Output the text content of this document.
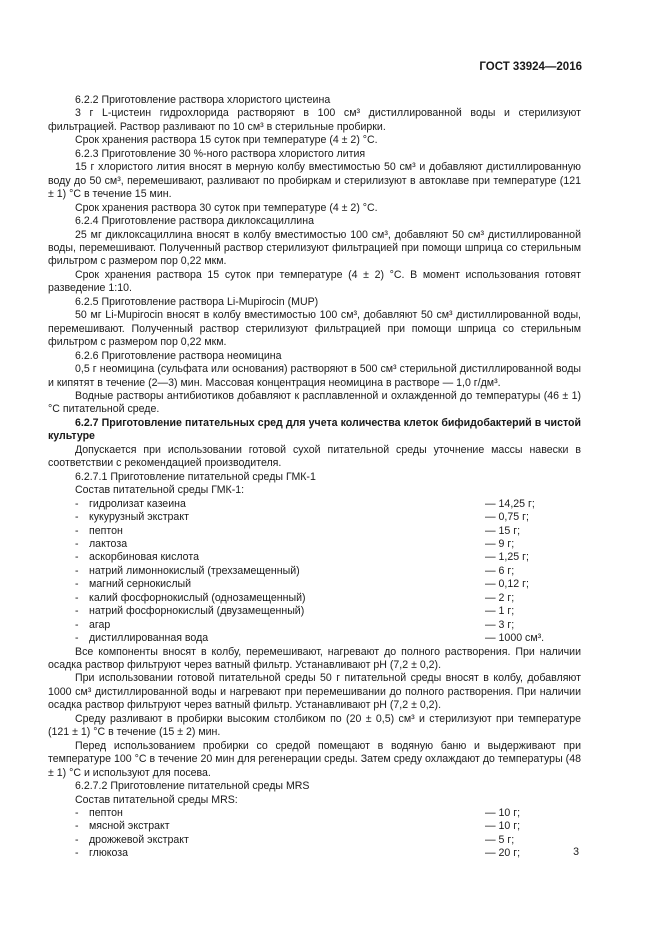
ГОСТ 33924—2016

6.2.2 Приготовление раствора хлористого цистеина

3 г L-цистеин гидрохлорида растворяют в 100 см³ дистиллированной воды и стерилизуют фильтрацией. Раствор разливают по 10 см³ в стерильные пробирки.

Срок хранения раствора 15 суток при температуре (4 ± 2) °С.

6.2.3 Приготовление 30 %-ного раствора хлористого лития

15 г хлористого лития вносят в мерную колбу вместимостью 50 см³ и добавляют дистиллированную воду до 50 см³, перемешивают, разливают по пробиркам и стерилизуют в автоклаве при температуре (121 ± 1) °С в течение 15 мин.

Срок хранения раствора 30 суток при температуре (4 ± 2) °С.

6.2.4 Приготовление раствора диклоксациллина

25 мг диклоксациллина вносят в колбу вместимостью 100 см³, добавляют 50 см³ дистиллированной воды, перемешивают. Полученный раствор стерилизуют фильтрацией при помощи шприца со стерильным фильтром с размером пор 0,22 мкм.

Срок хранения раствора 15 суток при температуре (4 ± 2) °С. В момент использования готовят разведение 1:10.

6.2.5 Приготовление раствора Li-Mupirocin (MUP)

50 мг Li-Mupirocin вносят в колбу вместимостью 100 см³, добавляют 50 см³ дистиллированной воды, перемешивают. Полученный раствор стерилизуют фильтрацией при помощи шприца со стерильным фильтром с размером пор 0,22 мкм.

6.2.6 Приготовление раствора неомицина

0,5 г неомицина (сульфата или основания) растворяют в 500 см³ стерильной дистиллированной воды и кипятят в течение (2—3) мин. Массовая концентрация неомицина в растворе — 1,0 г/дм³.

Водные растворы антибиотиков добавляют к расплавленной и охлажденной до температуры (46 ± 1) °С питательной среде.

6.2.7 Приготовление питательных сред для учета количества клеток бифидобактерий в чистой культуре

Допускается при использовании готовой сухой питательной среды уточнение массы навески в соответствии с рекомендацией производителя.

6.2.7.1 Приготовление питательной среды ГМК-1

Состав питательной среды ГМК-1:

- гидролизат казеина	— 14,25 г;
- кукурузный экстракт	— 0,75 г;
- пептон	— 15 г;
- лактоза	— 9 г;
- аскорбиновая кислота	— 1,25 г;
- натрий лимоннокислый (трехзамещенный)	— 6 г;
- магний сернокислый	— 0,12 г;
- калий фосфорнокислый (однозамещенный)	— 2 г;
- натрий фосфорнокислый (двузамещенный)	— 1 г;
- агар	— 3 г;
- дистиллированная вода	— 1000 см³.

Все компоненты вносят в колбу, перемешивают, нагревают до полного растворения. При наличии осадка раствор фильтруют через ватный фильтр. Устанавливают pH (7,2 ± 0,2).

При использовании готовой питательной среды 50 г питательной среды вносят в колбу, добавляют 1000 см³ дистиллированной воды и нагревают при перемешивании до полного растворения. При наличии осадка раствор фильтруют через ватный фильтр. Устанавливают pH (7,2 ± 0,2).

Среду разливают в пробирки высоким столбиком по (20 ± 0,5) см³ и стерилизуют при температуре (121 ± 1) °С в течение (15 ± 2) мин.

Перед использованием пробирки со средой помещают в водяную баню и выдерживают при температуре 100 °С в течение 20 мин для регенерации среды. Затем среду охлаждают до температуры (48 ± 1) °С и используют для посева.

6.2.7.2 Приготовление питательной среды MRS

Состав питательной среды MRS:

- пептон	— 10 г;
- мясной экстракт	— 10 г;
- дрожжевой экстракт	— 5 г;
- глюкоза	— 20 г;	3
